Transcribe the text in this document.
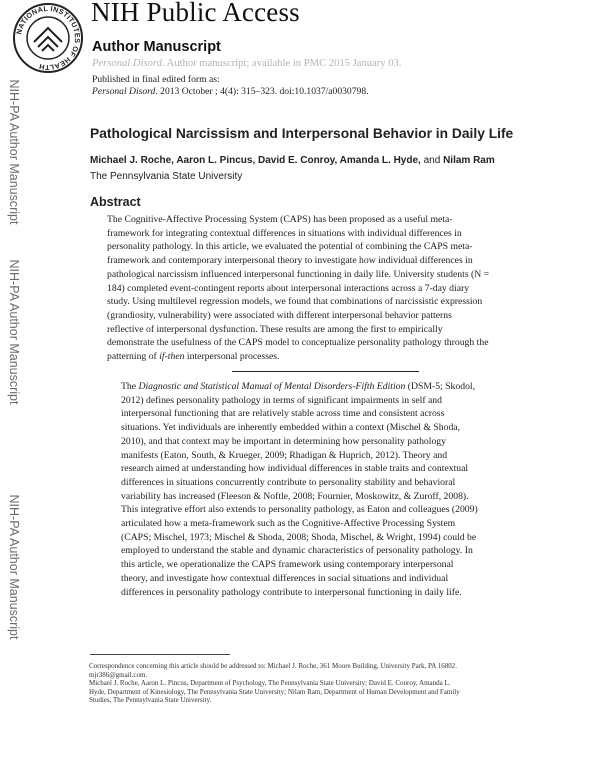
NATIONAL INSTITUTES OF HEALTH
NIH Public Access
Author Manuscript
Personal Disord. Author manuscript; available in PMC 2015 January 03.
Published in final edited form as:
Personal Disord. 2013 October ; 4(4): 315–323. doi:10.1037/a0030798.
NIH-PA Author Manuscript
NIH-PA Author Manuscript
NIH-PA Author Manuscript
Pathological Narcissism and Interpersonal Behavior in Daily Life
Michael J. Roche, Aaron L. Pincus, David E. Conroy, Amanda L. Hyde, and Nilam Ram
The Pennsylvania State University
Abstract
The Cognitive-Affective Processing System (CAPS) has been proposed as a useful meta-
framework for integrating contextual differences in situations with individual differences in
personality pathology. In this article, we evaluated the potential of combining the CAPS meta-
framework and contemporary interpersonal theory to investigate how individual differences in
pathological narcissism influenced interpersonal functioning in daily life. University students (N =
184) completed event-contingent reports about interpersonal interactions across a 7-day diary
study. Using multilevel regression models, we found that combinations of narcissistic expression
(grandiosity, vulnerability) were associated with different interpersonal behavior patterns
reflective of interpersonal dysfunction. These results are among the first to empirically
demonstrate the usefulness of the CAPS model to conceptualize personality pathology through the
patterning of if-then interpersonal processes.
The Diagnostic and Statistical Manual of Mental Disorders-Fifth Edition (DSM-5; Skodol,
2012) defines personality pathology in terms of significant impairments in self and
interpersonal functioning that are relatively stable across time and consistent across
situations. Yet individuals are inherently embedded within a context (Mischel & Shoda,
2010), and that context may be important in determining how personality pathology
manifests (Eaton, South, & Krueger, 2009; Rhadigan & Huprich, 2012). Theory and
research aimed at understanding how individual differences in stable traits and contextual
differences in situations concurrently contribute to personality stability and behavioral
variability has increased (Fleeson & Noftle, 2008; Fournier, Moskowitz, & Zuroff, 2008).
This integrative effort also extends to personality pathology, as Eaton and colleagues (2009)
articulated how a meta-framework such as the Cognitive-Affective Processing System
(CAPS; Mischel, 1973; Mischel & Shoda, 2008; Shoda, Mischel, & Wright, 1994) could be
employed to understand the stable and dynamic characteristics of personality pathology. In
this article, we operationalize the CAPS framework using contemporary interpersonal
theory, and investigate how contextual differences in social situations and individual
differences in personality pathology contribute to interpersonal functioning in daily life.
Correspondence concerning this article should be addressed to: Michael J. Roche, 361 Moore Building, University Park, PA 16802.
mjr386@gmail.com.
Michael J. Roche, Aaron L. Pincus, Department of Psychology, The Pennsylvania State University; David E. Conroy, Amanda L.
Hyde, Department of Kinesiology, The Pennsylvania State University; Nilam Ram, Department of Human Development and Family
Studies, The Pennsylvania State University.
